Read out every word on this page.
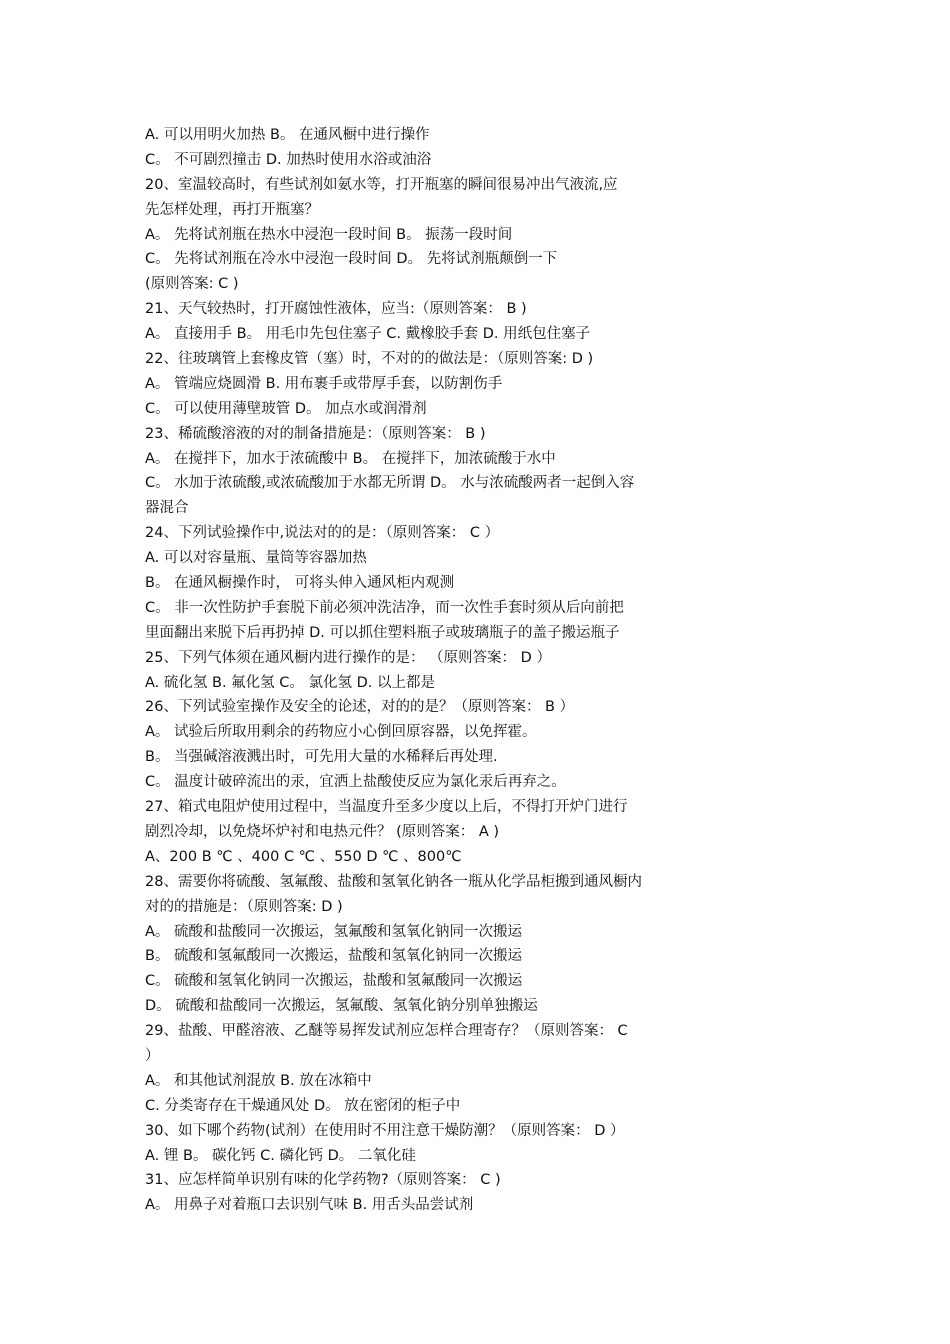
A. 可以用明火加热 B。 在通风橱中进行操作
C。 不可剧烈撞击 D. 加热时使用水浴或油浴
20、室温较高时，有些试剂如氨水等，打开瓶塞的瞬间很易冲出气液流,应
先怎样处理，再打开瓶塞？
A。 先将试剂瓶在热水中浸泡一段时间 B。 振荡一段时间
C。 先将试剂瓶在冷水中浸泡一段时间 D。 先将试剂瓶颠倒一下
(原则答案: C )
21、天气较热时，打开腐蚀性液体，应当:（原则答案： B )
A。 直接用手 B。 用毛巾先包住塞子 C. 戴橡胶手套 D. 用纸包住塞子
22、往玻璃管上套橡皮管（塞）时，不对的的做法是：（原则答案: D )
A。 管端应烧圆滑 B. 用布裹手或带厚手套，以防割伤手
C。 可以使用薄壁玻管 D。 加点水或润滑剂
23、稀硫酸溶液的对的制备措施是：（原则答案： B )
A。 在搅拌下，加水于浓硫酸中 B。 在搅拌下，加浓硫酸于水中
C。 水加于浓硫酸,或浓硫酸加于水都无所谓 D。 水与浓硫酸两者一起倒入容
器混合
24、下列试验操作中,说法对的的是：（原则答案： C ）
A. 可以对容量瓶、量筒等容器加热
B。 在通风橱操作时， 可将头伸入通风柜内观测
C。 非一次性防护手套脱下前必须冲洗洁净，而一次性手套时须从后向前把
里面翻出来脱下后再扔掉 D. 可以抓住塑料瓶子或玻璃瓶子的盖子搬运瓶子
25、下列气体须在通风橱内进行操作的是： （原则答案： D ）
A. 硫化氢 B. 氟化氢 C。 氯化氢 D. 以上都是
26、下列试验室操作及安全的论述，对的的是？（原则答案： B ）
A。 试验后所取用剩余的药物应小心倒回原容器，以免挥霍。
B。 当强碱溶液溅出时，可先用大量的水稀释后再处理.
C。 温度计破碎流出的汞，宜洒上盐酸使反应为氯化汞后再弃之。
27、箱式电阻炉使用过程中，当温度升至多少度以上后，不得打开炉门进行
剧烈冷却，以免烧坏炉衬和电热元件？ (原则答案： A )
A、200 B ℃ 、400 C ℃ 、550 D ℃ 、800℃
28、需要你将硫酸、氢氟酸、盐酸和氢氧化钠各一瓶从化学品柜搬到通风橱内
对的的措施是：（原则答案: D )
A。 硫酸和盐酸同一次搬运，氢氟酸和氢氧化钠同一次搬运
B。 硫酸和氢氟酸同一次搬运，盐酸和氢氧化钠同一次搬运
C。 硫酸和氢氧化钠同一次搬运，盐酸和氢氟酸同一次搬运
D。 硫酸和盐酸同一次搬运，氢氟酸、氢氧化钠分别单独搬运
29、盐酸、甲醛溶液、乙醚等易挥发试剂应怎样合理寄存？（原则答案： C
）
A。 和其他试剂混放 B. 放在冰箱中
C. 分类寄存在干燥通风处 D。 放在密闭的柜子中
30、如下哪个药物(试剂）在使用时不用注意干燥防潮？（原则答案： D ）
A. 锂 B。 碳化钙 C. 磷化钙 D。 二氧化硅
31、应怎样简单识别有味的化学药物?（原则答案： C )
A。 用鼻子对着瓶口去识别气味 B. 用舌头品尝试剂
